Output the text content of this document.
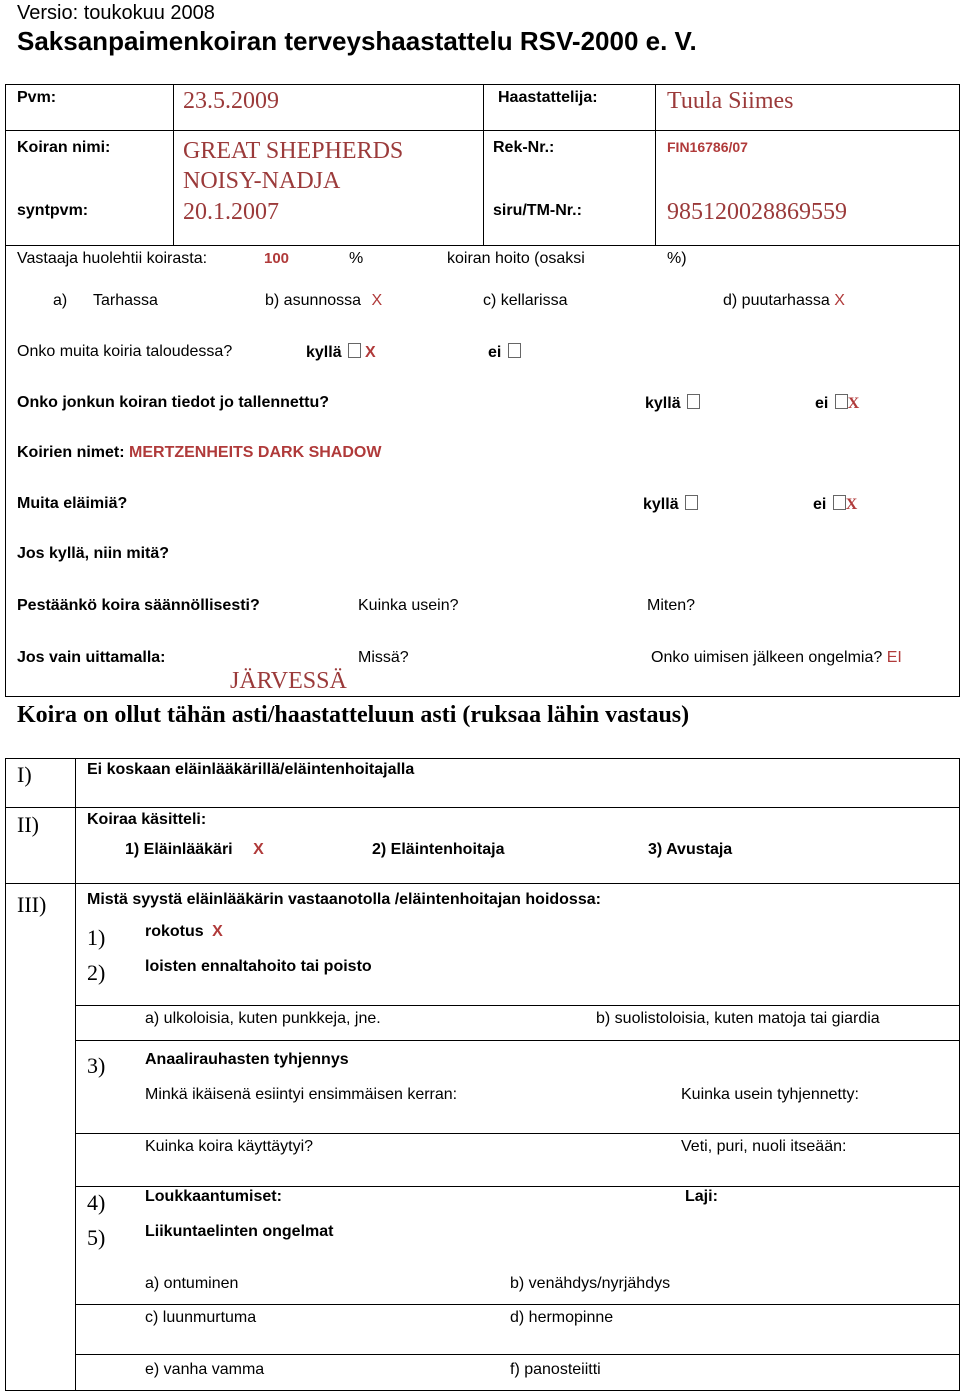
Versio: toukokuu 2008
Saksanpaimenkoiran terveyshaastattelu RSV-2000 e. V.
Pvm:	23.5.2009	Haastattelija:	Tuula Siimes
Koiran nimi:	GREAT SHEPHERDS
NOISY-NADJA
Rek-Nr.:	FIN16786/07
syntpvm:	20.1.2007	siru/TM-Nr.:	985120028869559
Vastaaja huolehtii koirasta:	100	%	koiran hoito (osaksi	%)
a) Tarhassa	b) asunnossa X	c) kellarissa	d) puutarhassa X
Onko muita koiria taloudessa?	kyllä X	ei
Onko jonkun koiran tiedot jo tallennettu?	kyllä	ei X
Koirien nimet: MERTZENHEITS DARK SHADOW
Muita eläimiä?	kyllä	ei X
Jos kyllä, niin mitä?
Pestäänkö koira säännöllisesti?	Kuinka usein?	Miten?
Jos vain uittamalla:	Missä?	Onko uimisen jälkeen ongelmia? EI
JÄRVESSÄ
Koira on ollut tähän asti/haastatteluun asti (ruksaa lähin vastaus)
I)	Ei koskaan eläinlääkärillä/eläintenhoitajalla
II)	Koiraa käsitteli:
1) Eläinlääkäri X	2) Eläintenhoitaja	3) Avustaja
III)	Mistä syystä eläinlääkärin vastaanotolla /eläintenhoitajan hoidossa:
1) rokotus X
2) loisten ennaltahoito tai poisto
a) ulkoloisia, kuten punkkeja, jne.	b) suolistoloisia, kuten matoja tai giardia
3) Anaalirauhasten tyhjennys
Minkä ikäisenä esiintyi ensimmäisen kerran:	Kuinka usein tyhjennetty:
Kuinka koira käyttäytyi?	Veti, puri, nuoli itseään:
4) Loukkaantumiset:	Laji:
5) Liikuntaelinten ongelmat
a) ontuminen	b) venähdys/nyrjähdys
c) luunmurtuma	d) hermopinne
e) vanha vamma	f) panosteiitti
